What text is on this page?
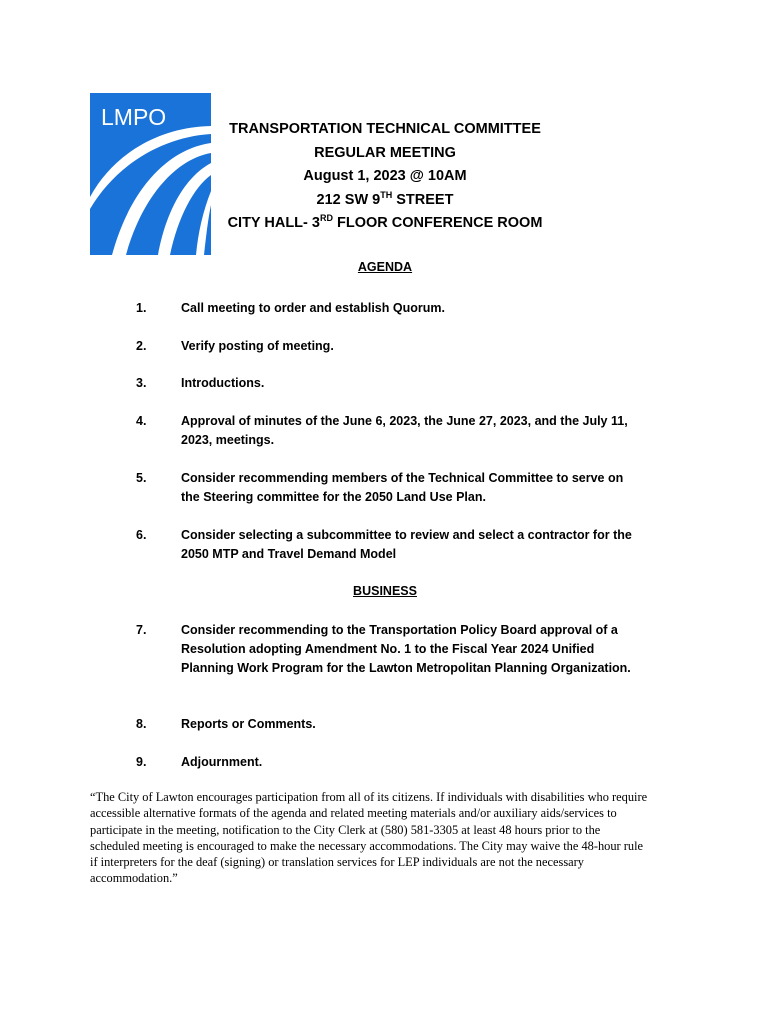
LMPO	TRANSPORTATION TECHNICAL COMMITTEE
REGULAR MEETING
August 1, 2023 @ 10AM
212 SW 9TH STREET
CITY HALL- 3RD FLOOR CONFERENCE ROOM
AGENDA
1.	Call meeting to order and establish Quorum.
2.	Verify posting of meeting.
3.	Introductions.
4.	Approval of minutes of the June 6, 2023, the June 27, 2023, and the July 11, 2023, meetings.
5.	Consider recommending members of the Technical Committee to serve on the Steering committee for the 2050 Land Use Plan.
6.	Consider selecting a subcommittee to review and select a contractor for the 2050 MTP and Travel Demand Model
BUSINESS
7.	Consider recommending to the Transportation Policy Board approval of a Resolution adopting Amendment No. 1 to the Fiscal Year 2024 Unified Planning Work Program for the Lawton Metropolitan Planning Organization.
8.	Reports or Comments.
9.	Adjournment.
“The City of Lawton encourages participation from all of its citizens. If individuals with disabilities who require accessible alternative formats of the agenda and related meeting materials and/or auxiliary aids/services to participate in the meeting, notification to the City Clerk at (580) 581-3305 at least 48 hours prior to the scheduled meeting is encouraged to make the necessary accommodations. The City may waive the 48-hour rule if interpreters for the deaf (signing) or translation services for LEP individuals are not the necessary accommodation.”
